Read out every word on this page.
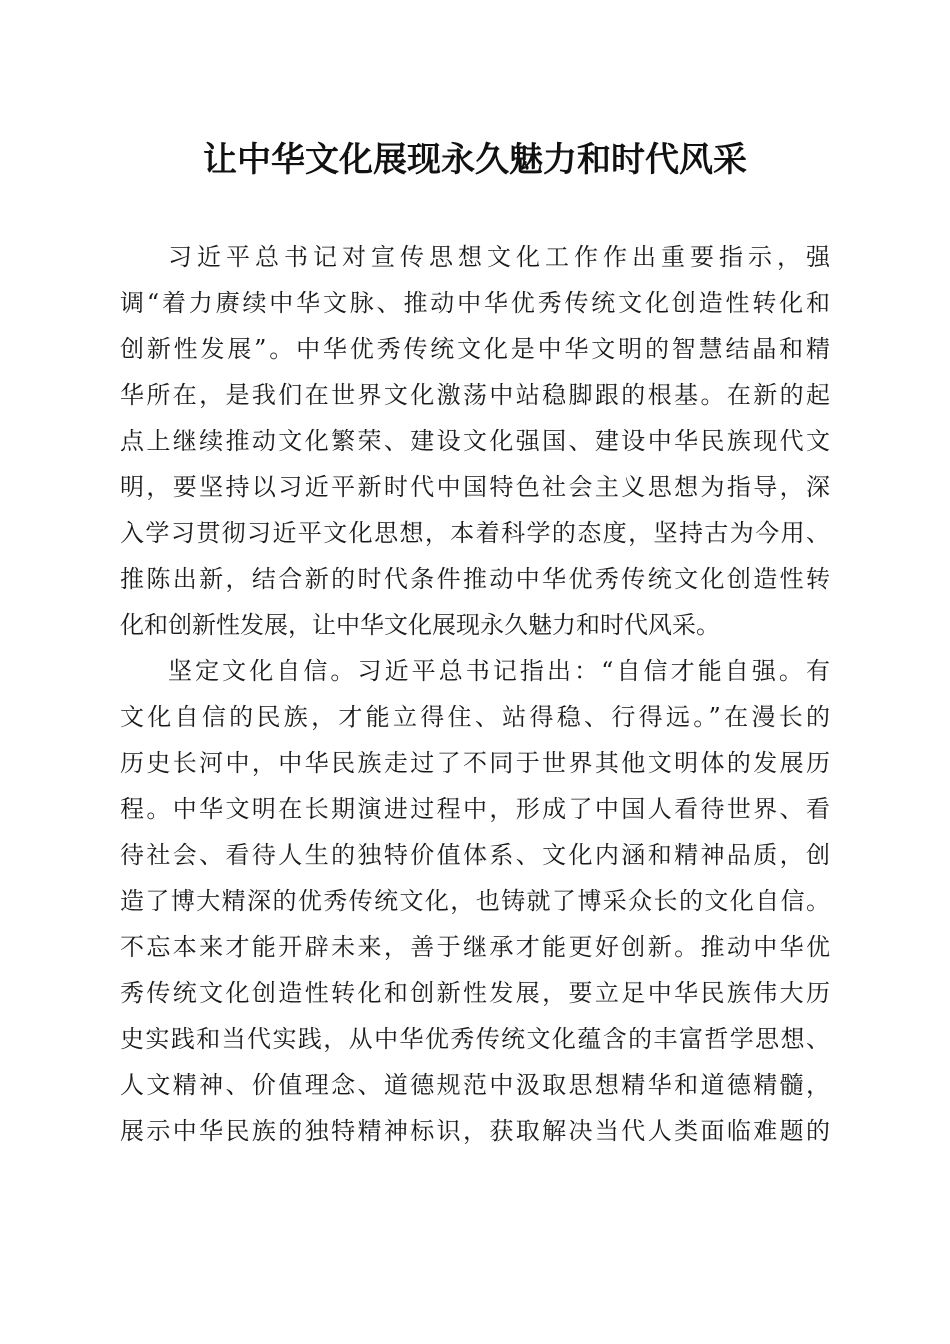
让中华文化展现永久魅力和时代风采
习近平总书记对宣传思想文化工作作出重要指示，强
调“着力赓续中华文脉、推动中华优秀传统文化创造性转化和
创新性发展”。中华优秀传统文化是中华文明的智慧结晶和精
华所在，是我们在世界文化激荡中站稳脚跟的根基。在新的起
点上继续推动文化繁荣、建设文化强国、建设中华民族现代文
明，要坚持以习近平新时代中国特色社会主义思想为指导，深
入学习贯彻习近平文化思想，本着科学的态度，坚持古为今用、
推陈出新，结合新的时代条件推动中华优秀传统文化创造性转
化和创新性发展，让中华文化展现永久魅力和时代风采。
坚定文化自信。习近平总书记指出：“自信才能自强。有
文化自信的民族，才能立得住、站得稳、行得远。”在漫长的
历史长河中，中华民族走过了不同于世界其他文明体的发展历
程。中华文明在长期演进过程中，形成了中国人看待世界、看
待社会、看待人生的独特价值体系、文化内涵和精神品质，创
造了博大精深的优秀传统文化，也铸就了博采众长的文化自信。
不忘本来才能开辟未来，善于继承才能更好创新。推动中华优
秀传统文化创造性转化和创新性发展，要立足中华民族伟大历
史实践和当代实践，从中华优秀传统文化蕴含的丰富哲学思想、
人文精神、价值理念、道德规范中汲取思想精华和道德精髓，
展示中华民族的独特精神标识，获取解决当代人类面临难题的
